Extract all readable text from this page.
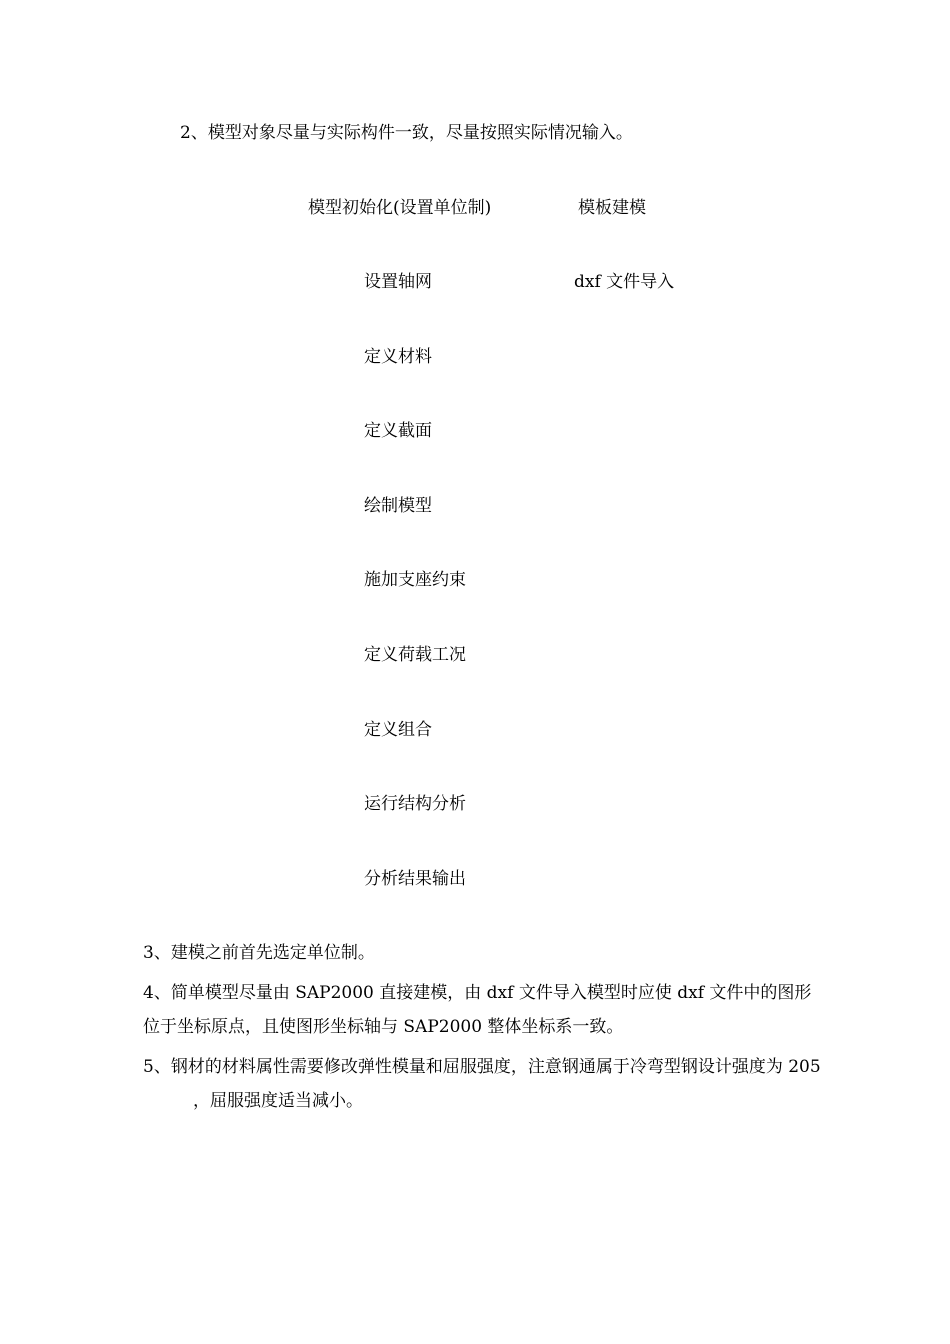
2、模型对象尽量与实际构件一致，尽量按照实际情况输入。
模型初始化(设置单位制)	模板建模
设置轴网	dxf 文件导入
定义材料
定义截面
绘制模型
施加支座约束
定义荷载工况
定义组合
运行结构分析
分析结果输出
3、建模之前首先选定单位制。
4、简单模型尽量由 SAP2000 直接建模，由 dxf 文件导入模型时应使 dxf 文件中的图形位于坐标原点，且使图形坐标轴与 SAP2000 整体坐标系一致。
5、钢材的材料属性需要修改弹性模量和屈服强度，注意钢通属于冷弯型钢设计强度为 205，屈服强度适当减小。
